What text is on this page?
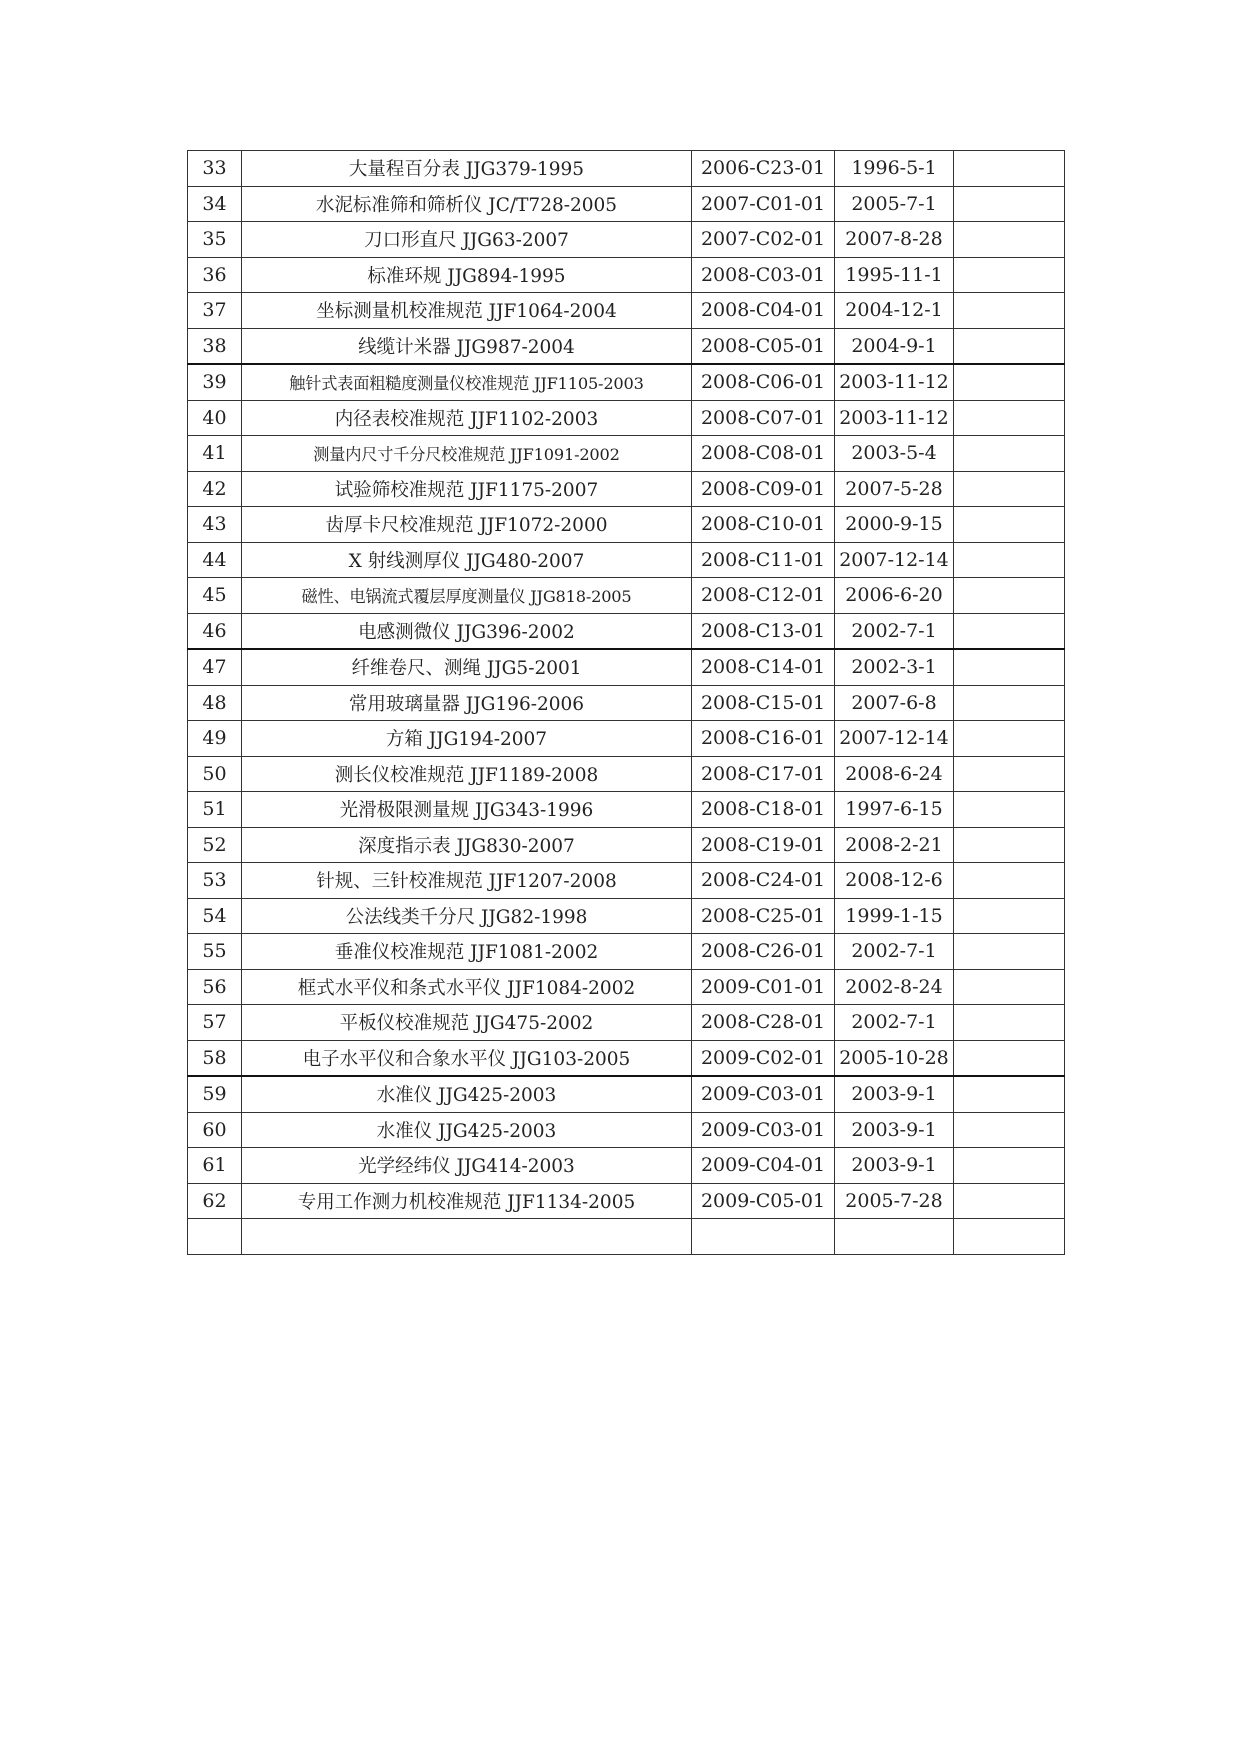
33	大量程百分表 JJG379-1995	2006-C23-01	1996-5-1	
34	水泥标准筛和筛析仪 JC/T728-2005	2007-C01-01	2005-7-1	
35	刀口形直尺 JJG63-2007	2007-C02-01	2007-8-28	
36	标准环规 JJG894-1995	2008-C03-01	1995-11-1	
37	坐标测量机校准规范 JJF1064-2004	2008-C04-01	2004-12-1	
38	线缆计米器 JJG987-2004	2008-C05-01	2004-9-1	
39	触针式表面粗糙度测量仪校准规范 JJF1105-2003	2008-C06-01	2003-11-12	
40	内径表校准规范 JJF1102-2003	2008-C07-01	2003-11-12	
41	测量内尺寸千分尺校准规范 JJF1091-2002	2008-C08-01	2003-5-4	
42	试验筛校准规范 JJF1175-2007	2008-C09-01	2007-5-28	
43	齿厚卡尺校准规范 JJF1072-2000	2008-C10-01	2000-9-15	
44	X 射线测厚仪 JJG480-2007	2008-C11-01	2007-12-14	
45	磁性、电锅流式覆层厚度测量仪 JJG818-2005	2008-C12-01	2006-6-20	
46	电感测微仪 JJG396-2002	2008-C13-01	2002-7-1	
47	纤维卷尺、测绳 JJG5-2001	2008-C14-01	2002-3-1	
48	常用玻璃量器 JJG196-2006	2008-C15-01	2007-6-8	
49	方箱 JJG194-2007	2008-C16-01	2007-12-14	
50	测长仪校准规范 JJF1189-2008	2008-C17-01	2008-6-24	
51	光滑极限测量规 JJG343-1996	2008-C18-01	1997-6-15	
52	深度指示表 JJG830-2007	2008-C19-01	2008-2-21	
53	针规、三针校准规范 JJF1207-2008	2008-C24-01	2008-12-6	
54	公法线类千分尺 JJG82-1998	2008-C25-01	1999-1-15	
55	垂准仪校准规范 JJF1081-2002	2008-C26-01	2002-7-1	
56	框式水平仪和条式水平仪 JJF1084-2002	2009-C01-01	2002-8-24	
57	平板仪校准规范 JJG475-2002	2008-C28-01	2002-7-1	
58	电子水平仪和合象水平仪 JJG103-2005	2009-C02-01	2005-10-28	
59	水准仪 JJG425-2003	2009-C03-01	2003-9-1	
60	水准仪 JJG425-2003	2009-C03-01	2003-9-1	
61	光学经纬仪 JJG414-2003	2009-C04-01	2003-9-1	
62	专用工作测力机校准规范 JJF1134-2005	2009-C05-01	2005-7-28	
